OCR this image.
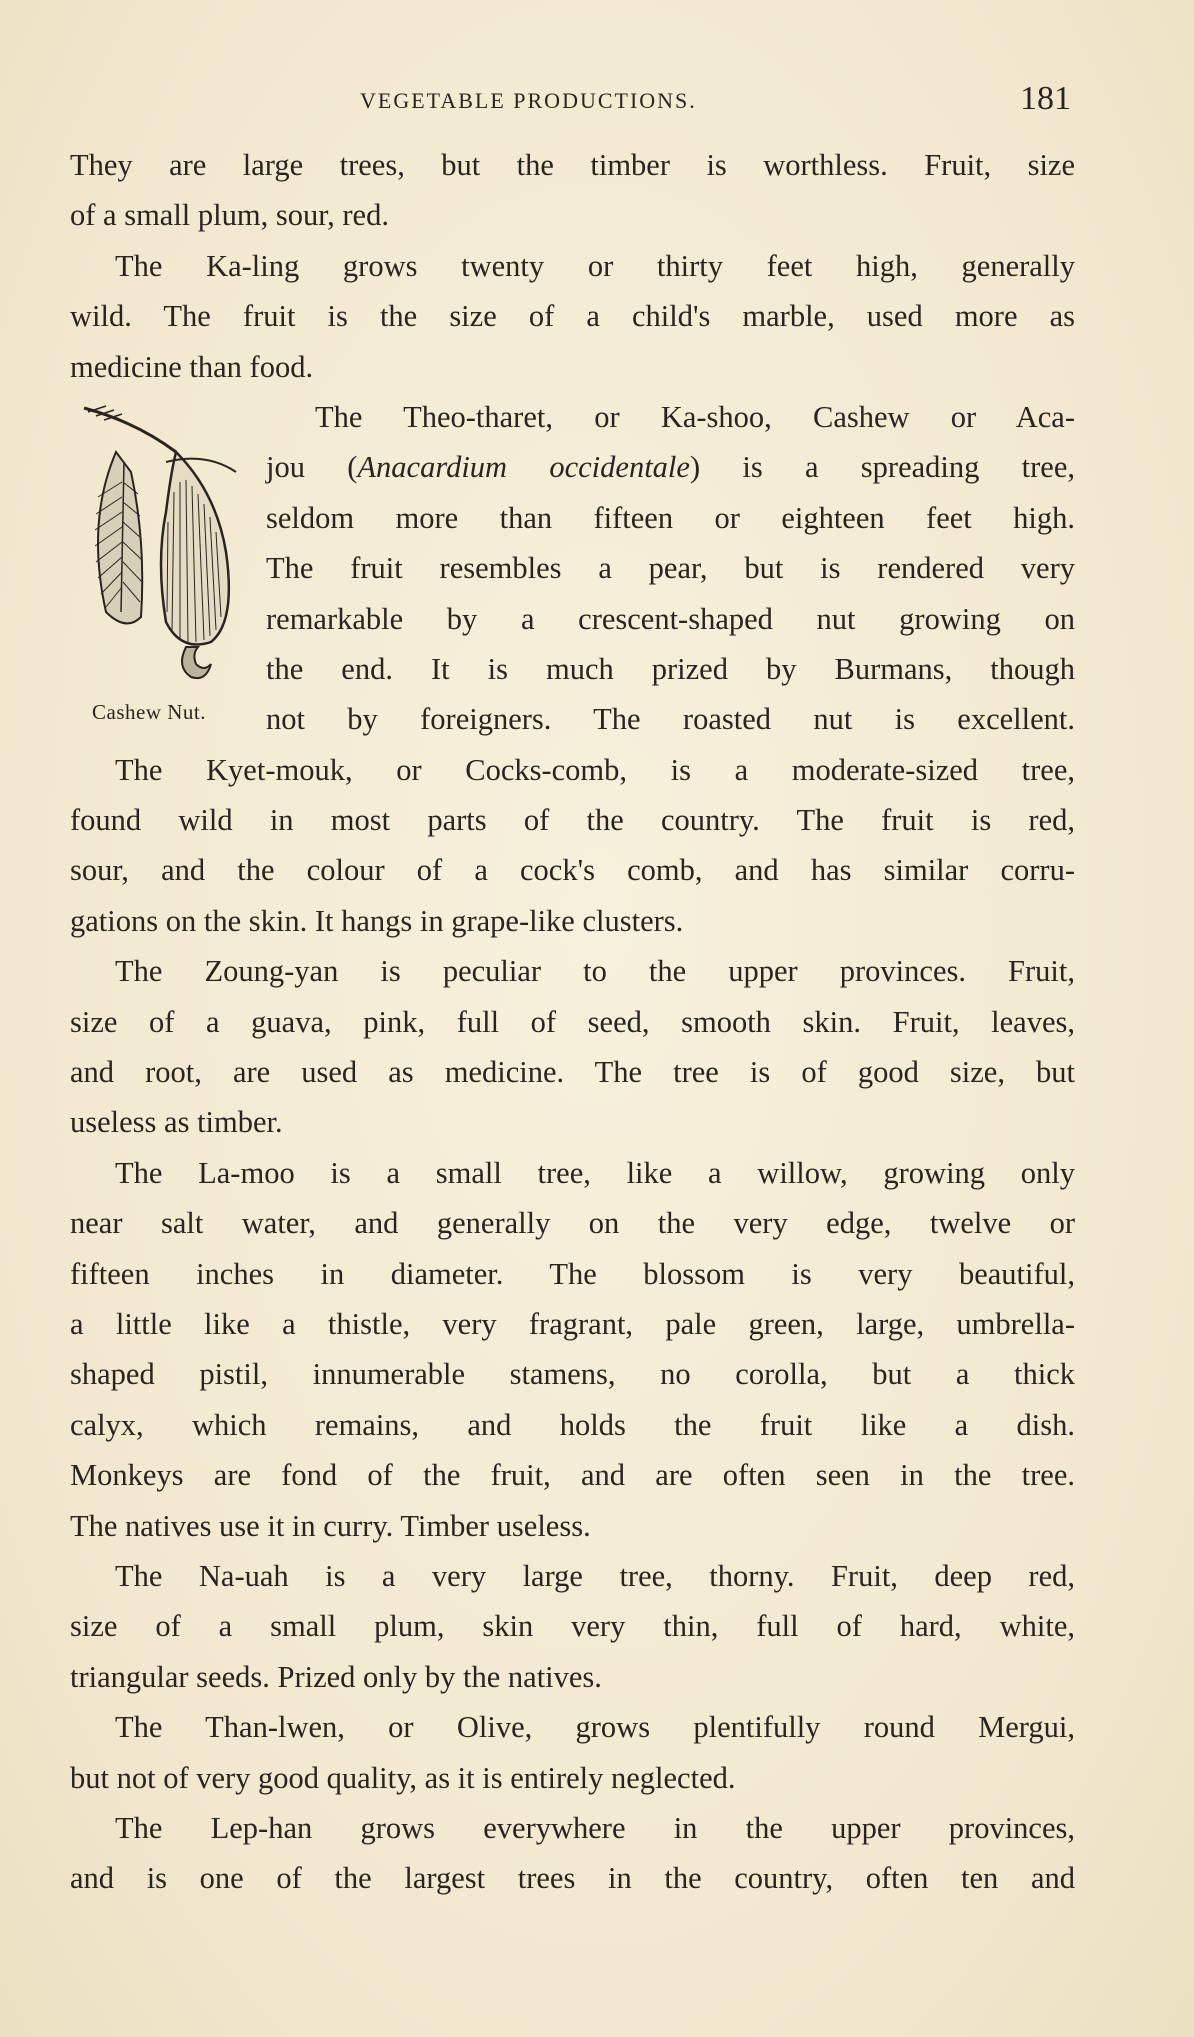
VEGETABLE PRODUCTIONS.	181
Cashew Nut.
They are large trees, but the timber is worthless. Fruit, size
of a small plum, sour, red.
The Ka-ling grows twenty or thirty feet high, generally
wild. The fruit is the size of a child's marble, used more as
medicine than food.
The Theo-tharet, or Ka-shoo, Cashew or Aca-
jou (Anacardium occidentale) is a spreading tree,
seldom more than fifteen or eighteen feet high.
The fruit resembles a pear, but is rendered very
remarkable by a crescent-shaped nut growing on
the end. It is much prized by Burmans, though
not by foreigners. The roasted nut is excellent.
The Kyet-mouk, or Cocks-comb, is a moderate-sized tree,
found wild in most parts of the country. The fruit is red,
sour, and the colour of a cock's comb, and has similar corru-
gations on the skin. It hangs in grape-like clusters.
The Zoung-yan is peculiar to the upper provinces. Fruit,
size of a guava, pink, full of seed, smooth skin. Fruit, leaves,
and root, are used as medicine. The tree is of good size, but
useless as timber.
The La-moo is a small tree, like a willow, growing only
near salt water, and generally on the very edge, twelve or
fifteen inches in diameter. The blossom is very beautiful,
a little like a thistle, very fragrant, pale green, large, umbrella-
shaped pistil, innumerable stamens, no corolla, but a thick
calyx, which remains, and holds the fruit like a dish.
Monkeys are fond of the fruit, and are often seen in the tree.
The natives use it in curry. Timber useless.
The Na-uah is a very large tree, thorny. Fruit, deep red,
size of a small plum, skin very thin, full of hard, white,
triangular seeds. Prized only by the natives.
The Than-lwen, or Olive, grows plentifully round Mergui,
but not of very good quality, as it is entirely neglected.
The Lep-han grows everywhere in the upper provinces,
and is one of the largest trees in the country, often ten and
